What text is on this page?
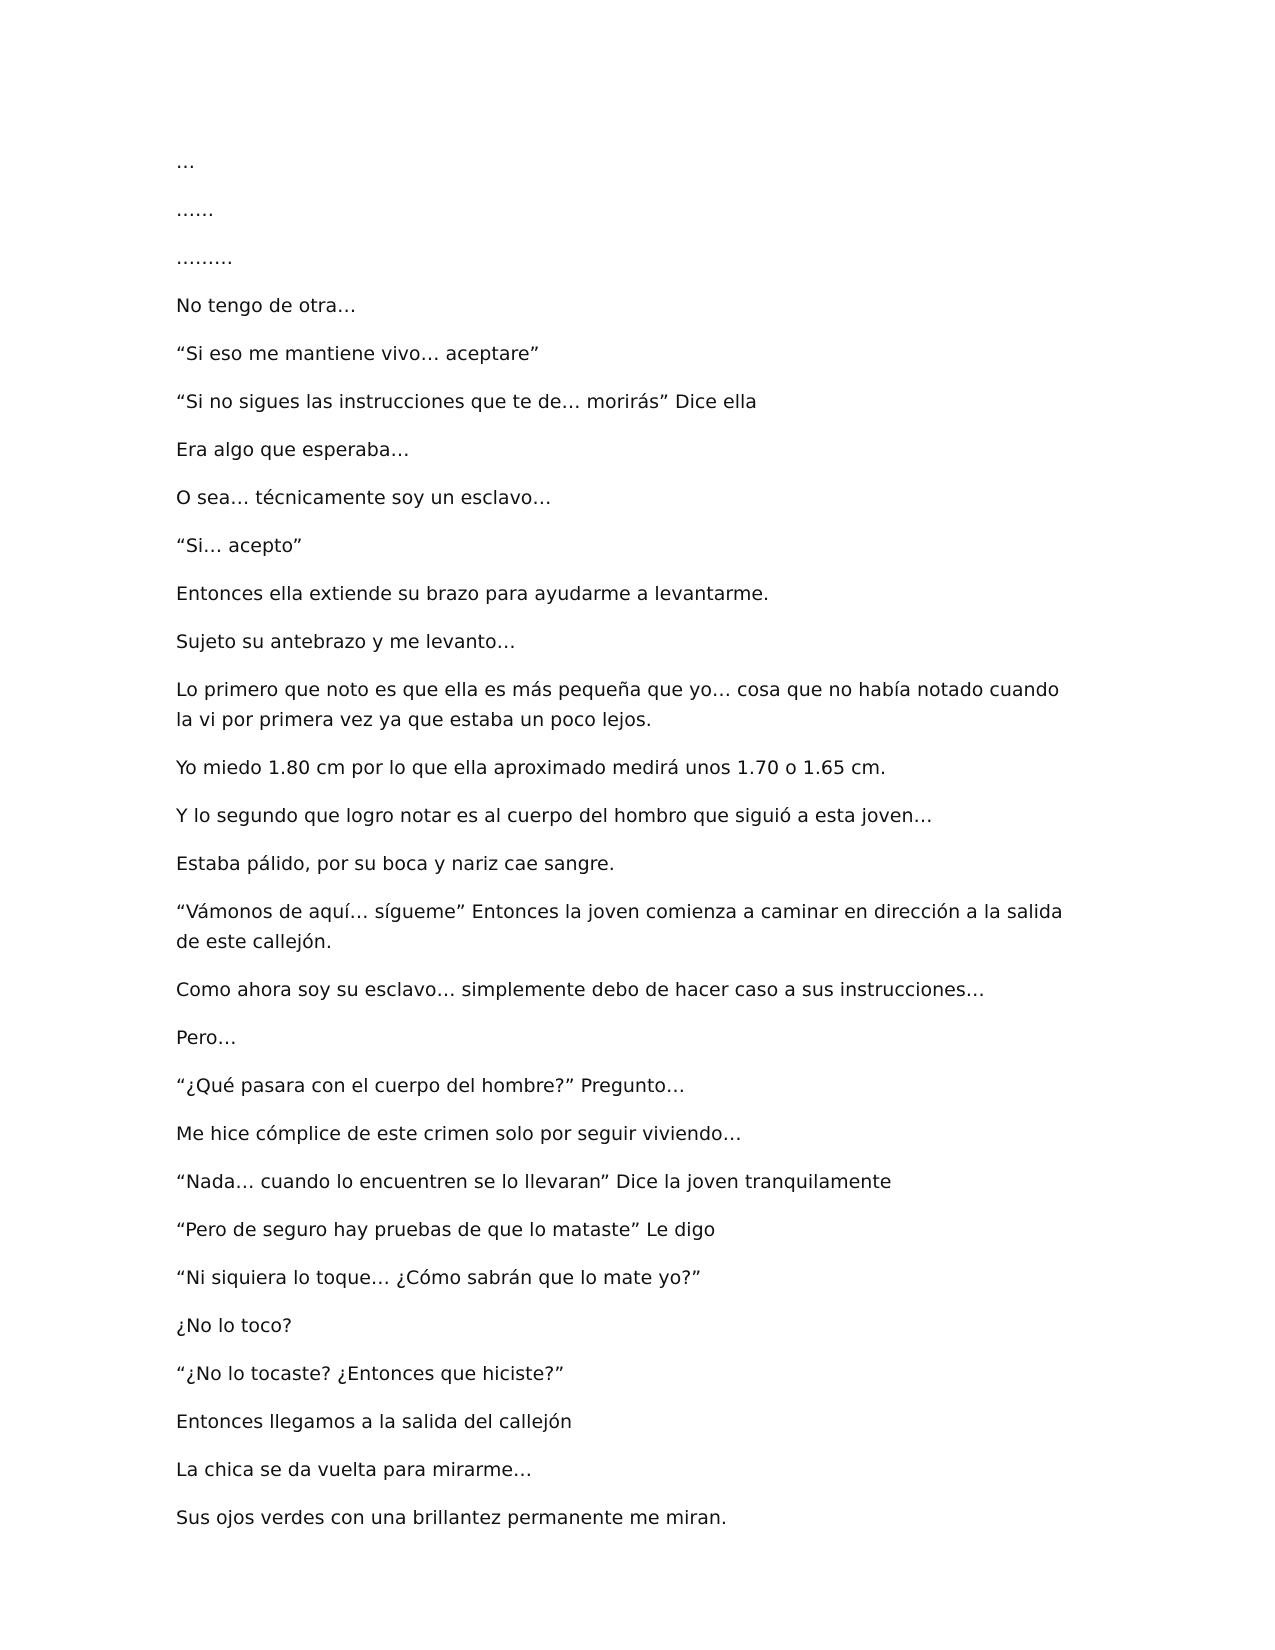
…

……

………

No tengo de otra…

“Si eso me mantiene vivo… aceptare”

“Si no sigues las instrucciones que te de… morirás” Dice ella

Era algo que esperaba…

O sea… técnicamente soy un esclavo…

“Si… acepto”

Entonces ella extiende su brazo para ayudarme a levantarme.

Sujeto su antebrazo y me levanto…

Lo primero que noto es que ella es más pequeña que yo… cosa que no había notado cuando la vi por primera vez ya que estaba un poco lejos.

Yo miedo 1.80 cm por lo que ella aproximado medirá unos 1.70 o 1.65 cm.

Y lo segundo que logro notar es al cuerpo del hombro que siguió a esta joven…

Estaba pálido, por su boca y nariz cae sangre.

“Vámonos de aquí… sígueme” Entonces la joven comienza a caminar en dirección a la salida de este callejón.

Como ahora soy su esclavo… simplemente debo de hacer caso a sus instrucciones…

Pero…

“¿Qué pasara con el cuerpo del hombre?” Pregunto…

Me hice cómplice de este crimen solo por seguir viviendo…

“Nada… cuando lo encuentren se lo llevaran” Dice la joven tranquilamente

“Pero de seguro hay pruebas de que lo mataste” Le digo

“Ni siquiera lo toque… ¿Cómo sabrán que lo mate yo?”

¿No lo toco?

“¿No lo tocaste? ¿Entonces que hiciste?”

Entonces llegamos a la salida del callejón

La chica se da vuelta para mirarme…

Sus ojos verdes con una brillantez permanente me miran.
